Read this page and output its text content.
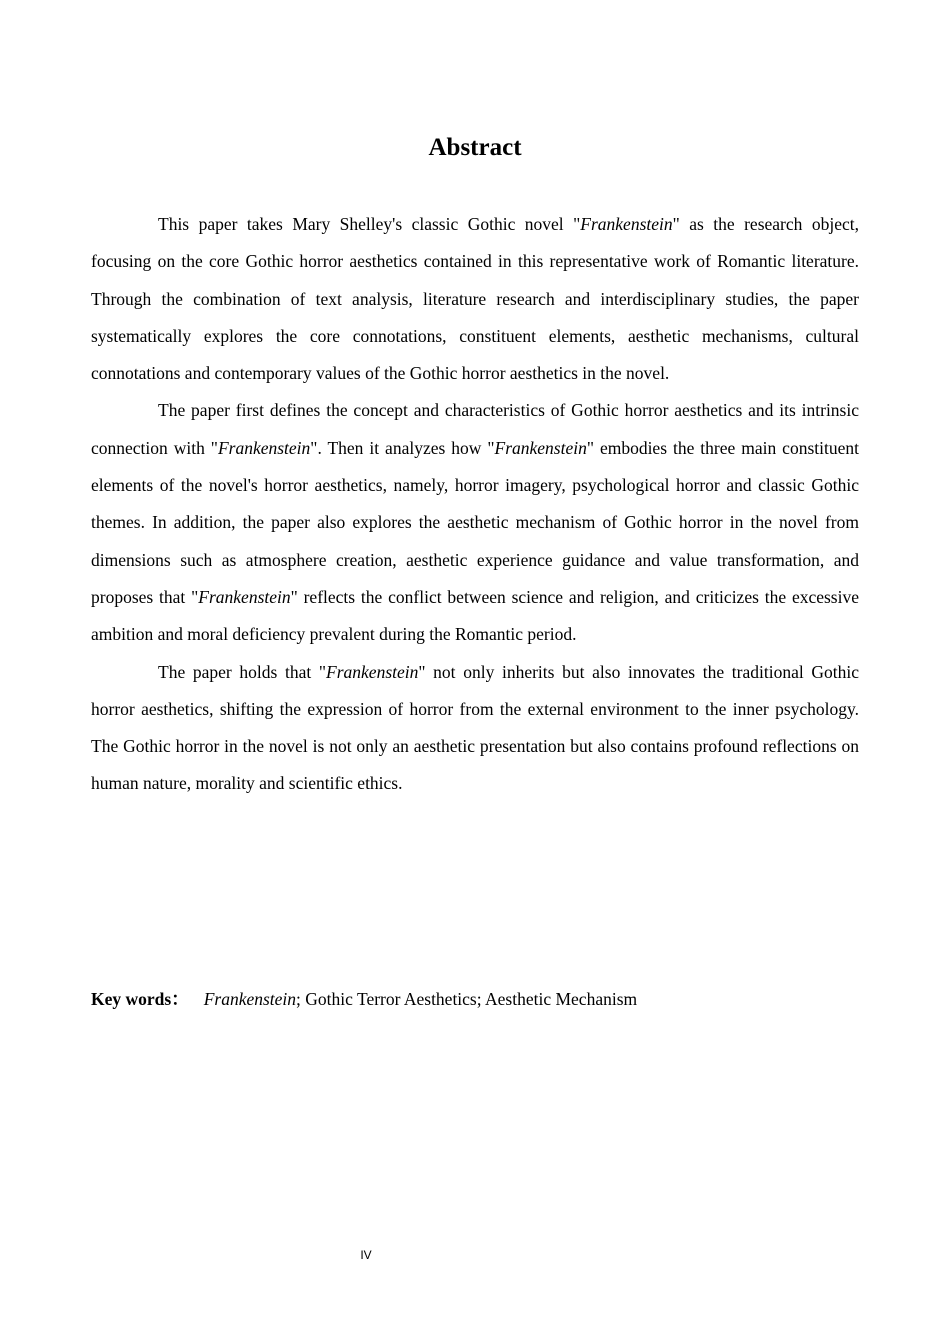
Abstract

This paper takes Mary Shelley's classic Gothic novel "Frankenstein" as the research object, focusing on the core Gothic horror aesthetics contained in this representative work of Romantic literature. Through the combination of text analysis, literature research and interdisciplinary studies, the paper systematically explores the core connotations, constituent elements, aesthetic mechanisms, cultural connotations and contemporary values of the Gothic horror aesthetics in the novel.

The paper first defines the concept and characteristics of Gothic horror aesthetics and its intrinsic connection with "Frankenstein". Then it analyzes how "Frankenstein" embodies the three main constituent elements of the novel's horror aesthetics, namely, horror imagery, psychological horror and classic Gothic themes. In addition, the paper also explores the aesthetic mechanism of Gothic horror in the novel from dimensions such as atmosphere creation, aesthetic experience guidance and value transformation, and proposes that "Frankenstein" reflects the conflict between science and religion, and criticizes the excessive ambition and moral deficiency prevalent during the Romantic period.

The paper holds that "Frankenstein" not only inherits but also innovates the traditional Gothic horror aesthetics, shifting the expression of horror from the external environment to the inner psychology. The Gothic horror in the novel is not only an aesthetic presentation but also contains profound reflections on human nature, morality and scientific ethics.

Key words： Frankenstein; Gothic Terror Aesthetics; Aesthetic Mechanism
IV
